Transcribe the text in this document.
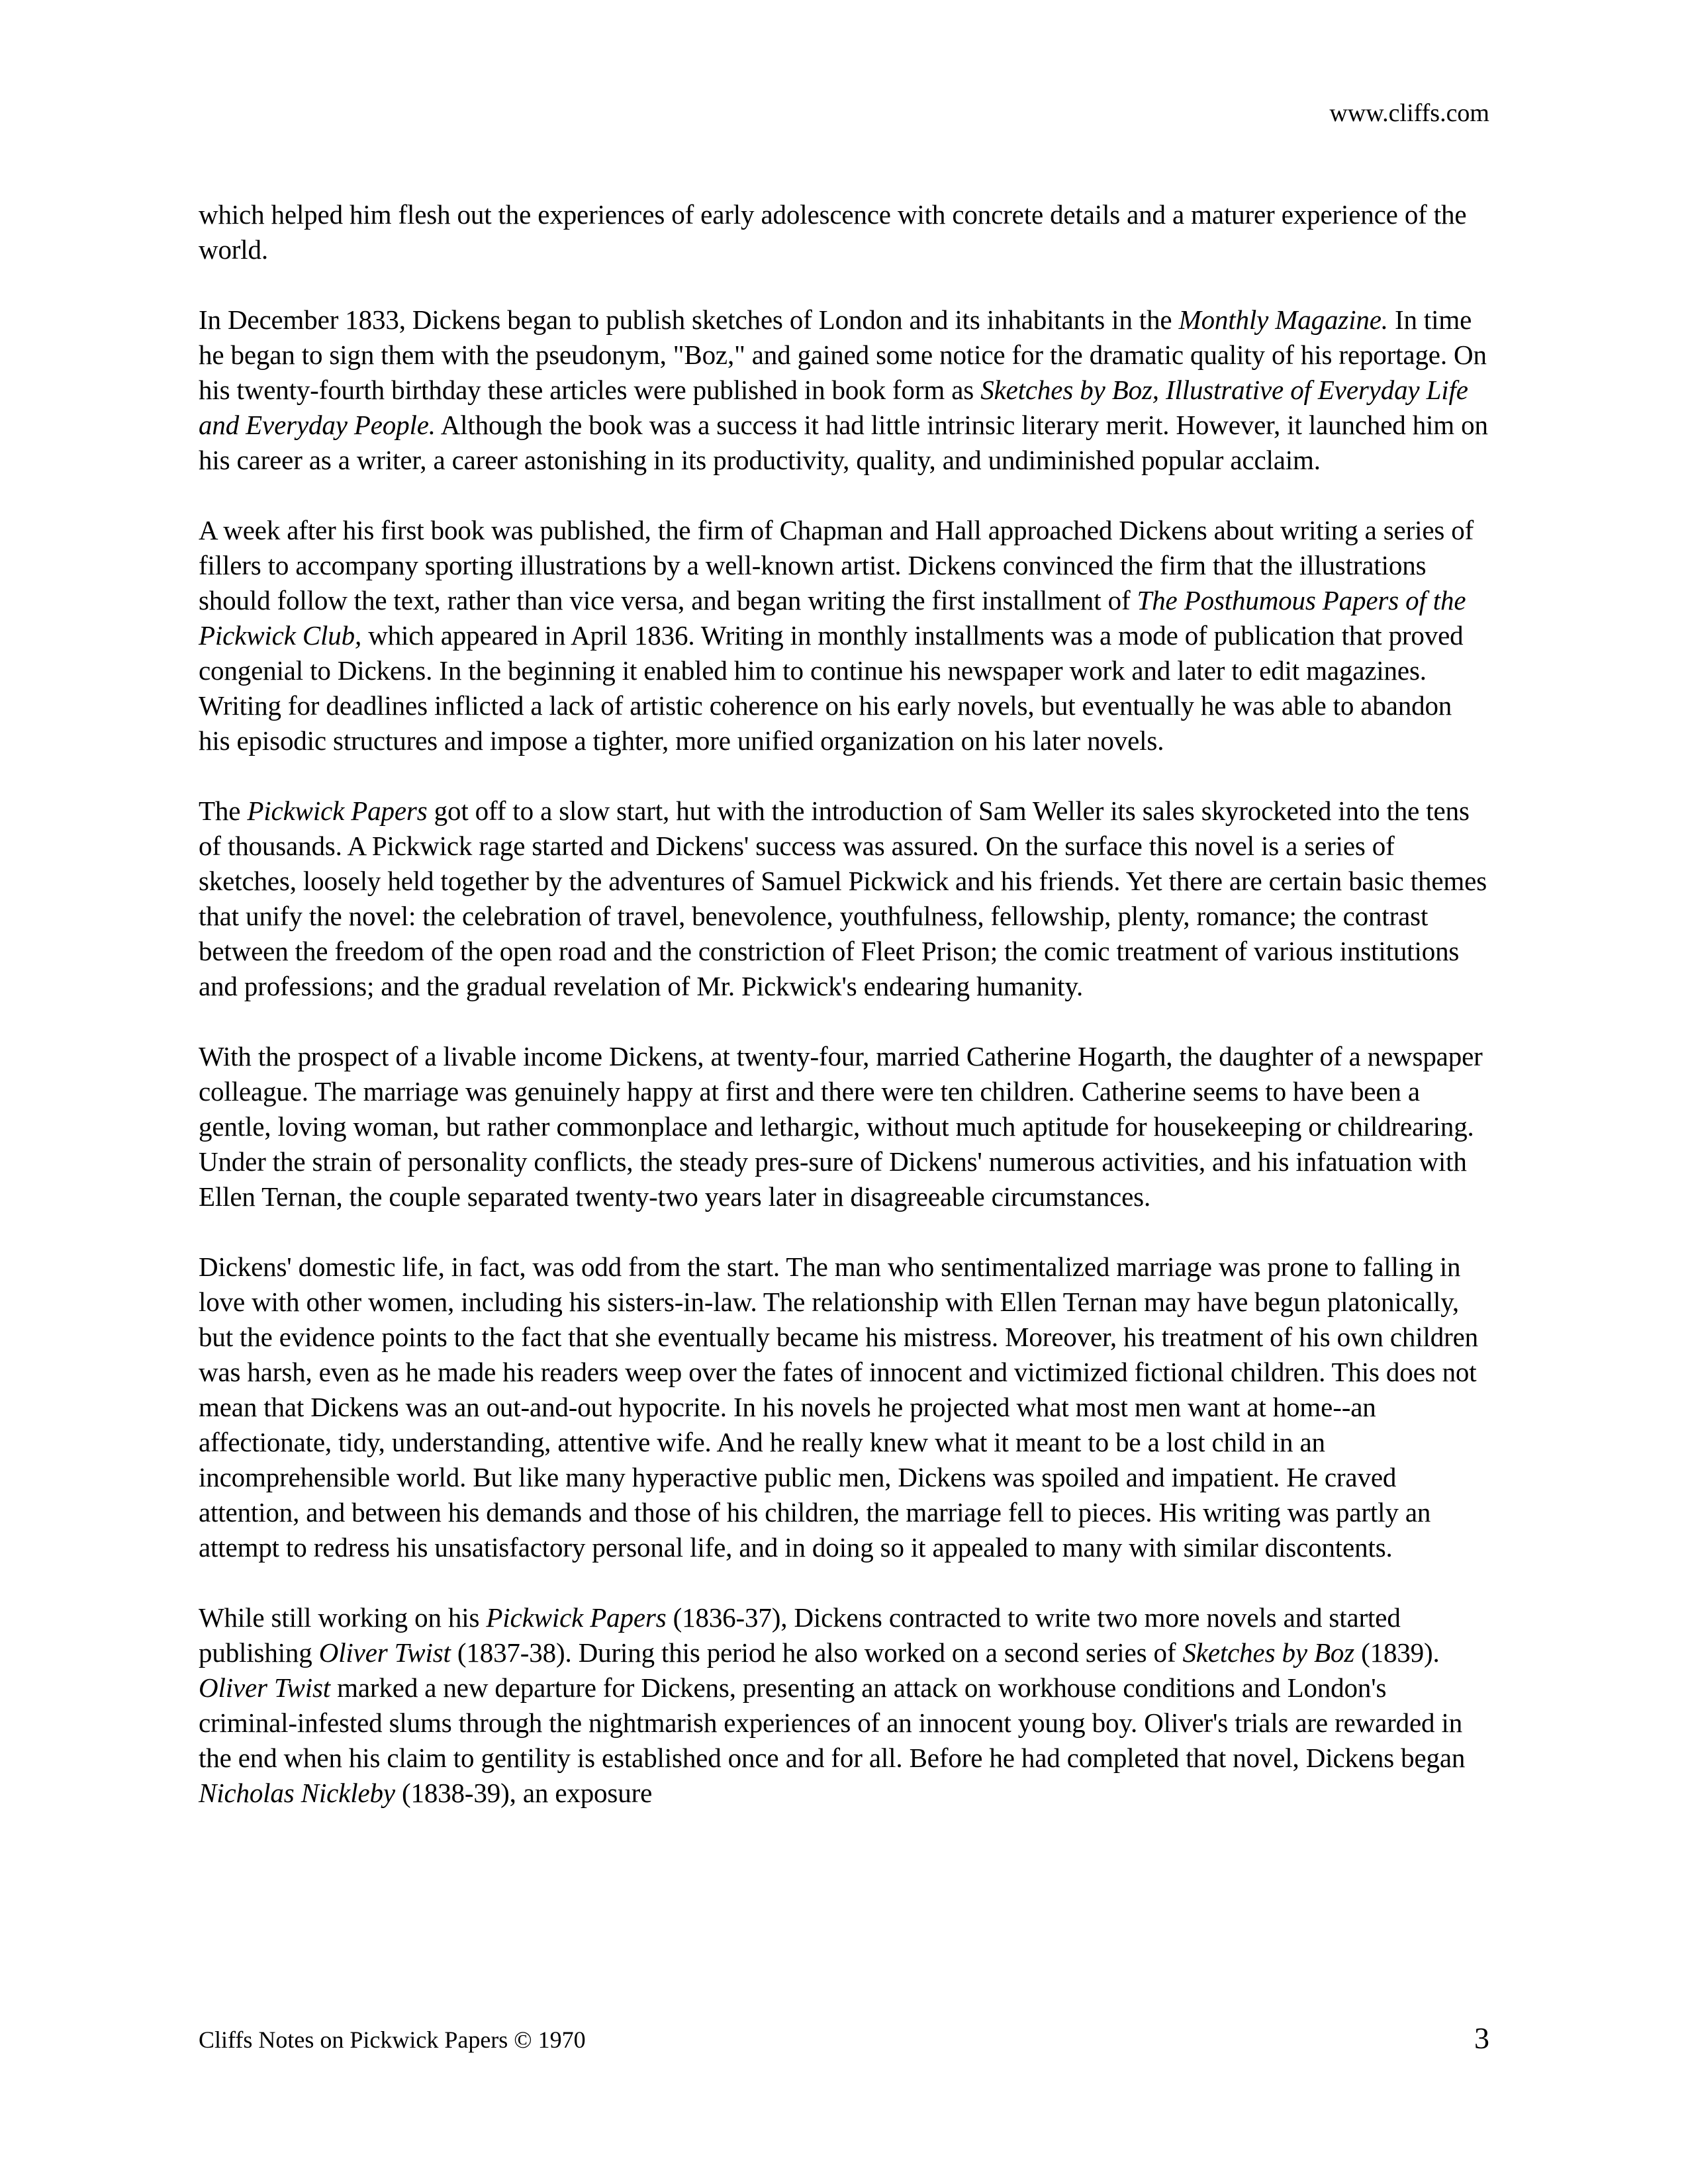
www.cliffs.com

which helped him flesh out the experiences of early adolescence with concrete details and a maturer experience of the world.

In December 1833, Dickens began to publish sketches of London and its inhabitants in the Monthly Magazine. In time he began to sign them with the pseudonym, "Boz," and gained some notice for the dramatic quality of his reportage. On his twenty-fourth birthday these articles were published in book form as Sketches by Boz, Illustrative of Everyday Life and Everyday People. Although the book was a success it had little intrinsic literary merit. However, it launched him on his career as a writer, a career astonishing in its productivity, quality, and undiminished popular acclaim.

A week after his first book was published, the firm of Chapman and Hall approached Dickens about writing a series of fillers to accompany sporting illustrations by a well-known artist. Dickens convinced the firm that the illustrations should follow the text, rather than vice versa, and began writing the first installment of The Posthumous Papers of the Pickwick Club, which appeared in April 1836. Writing in monthly installments was a mode of publication that proved congenial to Dickens. In the beginning it enabled him to continue his newspaper work and later to edit magazines. Writing for deadlines inflicted a lack of artistic coherence on his early novels, but eventually he was able to abandon his episodic structures and impose a tighter, more unified organization on his later novels.

The Pickwick Papers got off to a slow start, hut with the introduction of Sam Weller its sales skyrocketed into the tens of thousands. A Pickwick rage started and Dickens' success was assured. On the surface this novel is a series of sketches, loosely held together by the adventures of Samuel Pickwick and his friends. Yet there are certain basic themes that unify the novel: the celebration of travel, benevolence, youthfulness, fellowship, plenty, romance; the contrast between the freedom of the open road and the constriction of Fleet Prison; the comic treatment of various institutions and professions; and the gradual revelation of Mr. Pickwick's endearing humanity.

With the prospect of a livable income Dickens, at twenty-four, married Catherine Hogarth, the daughter of a newspaper colleague. The marriage was genuinely happy at first and there were ten children. Catherine seems to have been a gentle, loving woman, but rather commonplace and lethargic, without much aptitude for housekeeping or childrearing. Under the strain of personality conflicts, the steady pres-sure of Dickens' numerous activities, and his infatuation with Ellen Ternan, the couple separated twenty-two years later in disagreeable circumstances.

Dickens' domestic life, in fact, was odd from the start. The man who sentimentalized marriage was prone to falling in love with other women, including his sisters-in-law. The relationship with Ellen Ternan may have begun platonically, but the evidence points to the fact that she eventually became his mistress. Moreover, his treatment of his own children was harsh, even as he made his readers weep over the fates of innocent and victimized fictional children. This does not mean that Dickens was an out-and-out hypocrite. In his novels he projected what most men want at home--an affectionate, tidy, understanding, attentive wife. And he really knew what it meant to be a lost child in an incomprehensible world. But like many hyperactive public men, Dickens was spoiled and impatient. He craved attention, and between his demands and those of his children, the marriage fell to pieces. His writing was partly an attempt to redress his unsatisfactory personal life, and in doing so it appealed to many with similar discontents.

While still working on his Pickwick Papers (1836-37), Dickens contracted to write two more novels and started publishing Oliver Twist (1837-38). During this period he also worked on a second series of Sketches by Boz (1839). Oliver Twist marked a new departure for Dickens, presenting an attack on workhouse conditions and London's criminal-infested slums through the nightmarish experiences of an innocent young boy. Oliver's trials are rewarded in the end when his claim to gentility is established once and for all. Before he had completed that novel, Dickens began Nicholas Nickleby (1838-39), an exposure

Cliffs Notes on Pickwick Papers © 1970	3
